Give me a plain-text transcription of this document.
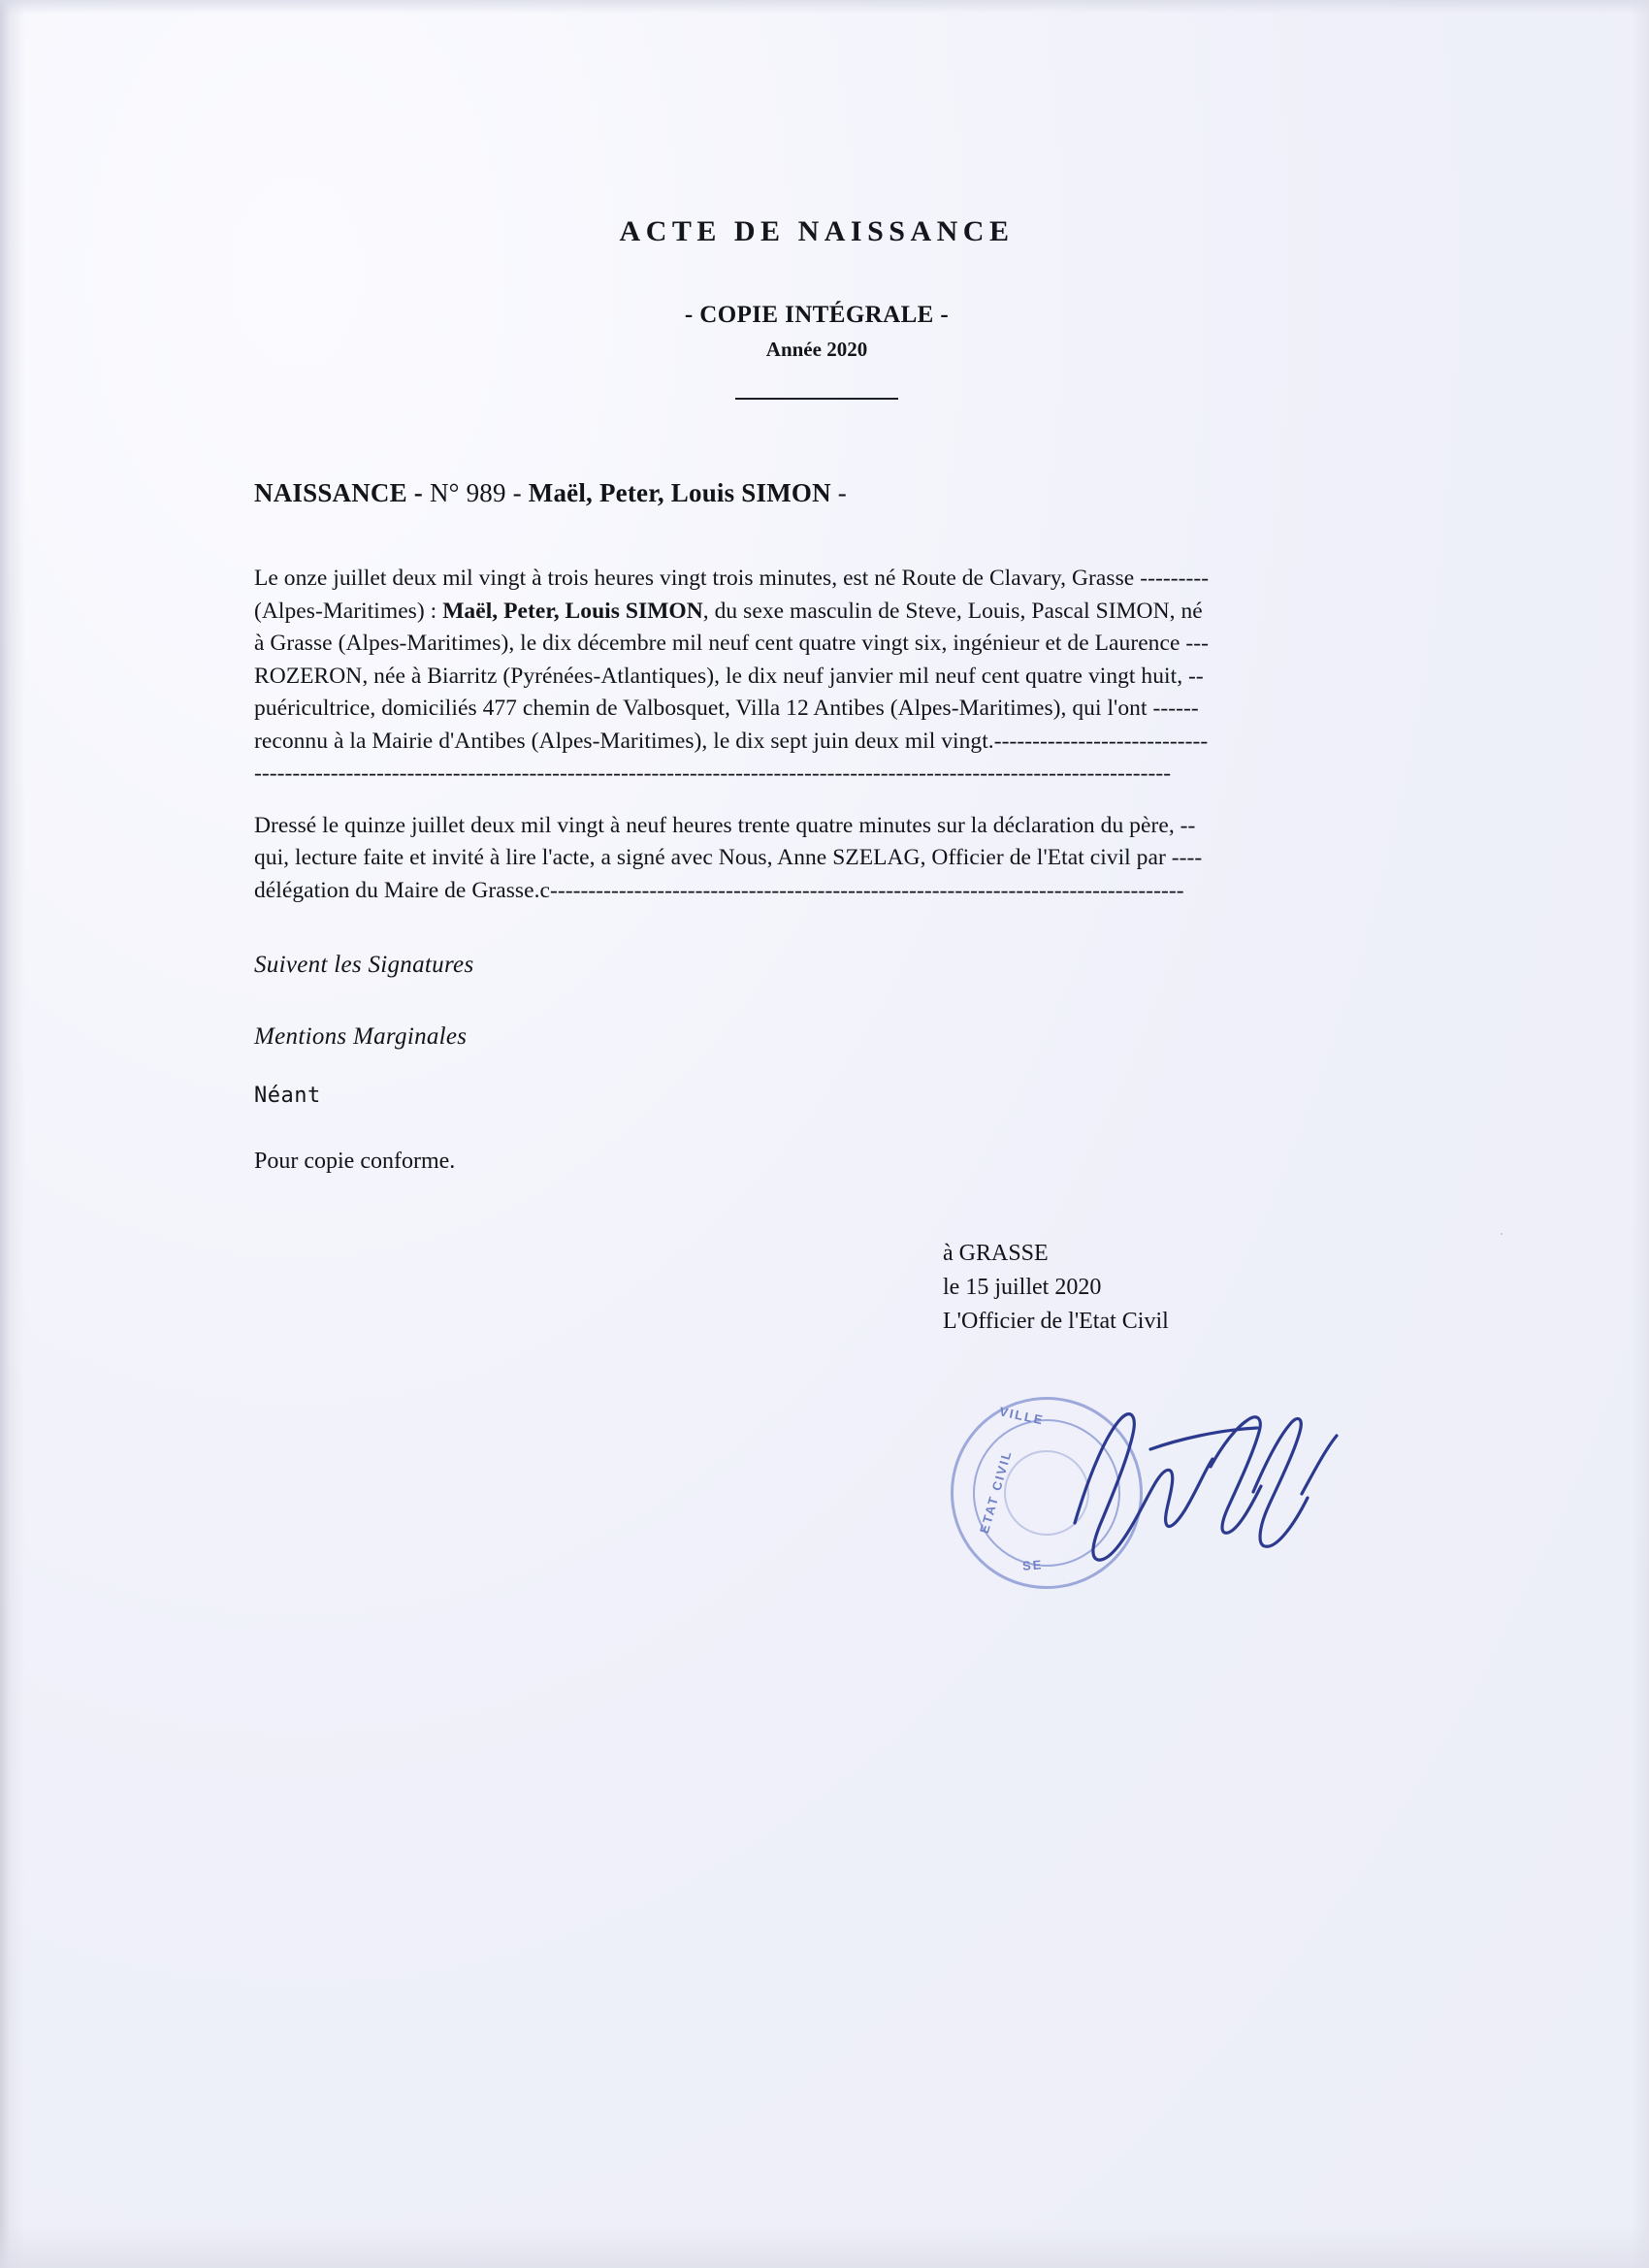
ACTE DE NAISSANCE
- COPIE INTÉGRALE -
Année 2020
NAISSANCE - N° 989 - Maël, Peter, Louis SIMON -
Le onze juillet deux mil vingt à trois heures vingt trois minutes, est né Route de Clavary, Grasse ---------
(Alpes-Maritimes) : Maël, Peter, Louis SIMON, du sexe masculin de Steve, Louis, Pascal SIMON, né
à Grasse (Alpes-Maritimes), le dix décembre mil neuf cent quatre vingt six, ingénieur et de Laurence ---
ROZERON, née à Biarritz (Pyrénées-Atlantiques), le dix neuf janvier mil neuf cent quatre vingt huit, --
puéricultrice, domiciliés 477 chemin de Valbosquet, Villa 12 Antibes (Alpes-Maritimes), qui l'ont ------
reconnu à la Mairie d'Antibes (Alpes-Maritimes), le dix sept juin deux mil vingt.----------------------------
------------------------------------------------------------------------------------------------------------------------
Dressé le quinze juillet deux mil vingt à neuf heures trente quatre minutes sur la déclaration du père, --
qui, lecture faite et invité à lire l'acte, a signé avec Nous, Anne SZELAG, Officier de l'Etat civil par ----
délégation du Maire de Grasse.c-----------------------------------------------------------------------------------
Suivent les Signatures
Mentions Marginales
Néant
Pour copie conforme.
à GRASSE
le 15 juillet 2020
L'Officier de l'Etat Civil
VILLE
ETAT CIVIL
SE
·
